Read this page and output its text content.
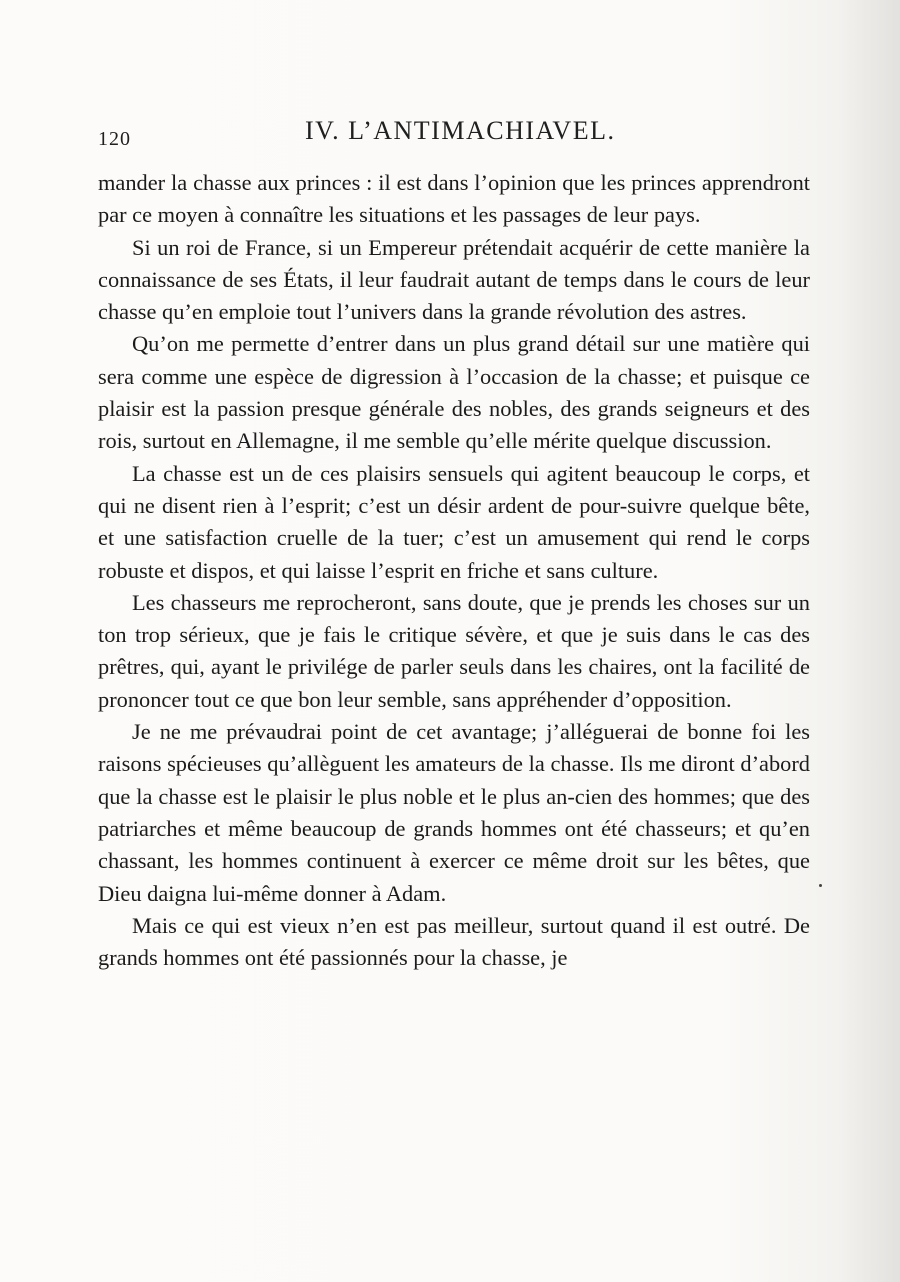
120	IV. L’ANTIMACHIAVEL.

mander la chasse aux princes : il est dans l’opinion que les princes apprendront par ce moyen à connaître les situations et les passages de leur pays.

Si un roi de France, si un Empereur prétendait acquérir de cette manière la connaissance de ses États, il leur faudrait autant de temps dans le cours de leur chasse qu’en emploie tout l’univers dans la grande révolution des astres.

Qu’on me permette d’entrer dans un plus grand détail sur une matière qui sera comme une espèce de digression à l’occasion de la chasse; et puisque ce plaisir est la passion presque générale des nobles, des grands seigneurs et des rois, surtout en Allemagne, il me semble qu’elle mérite quelque discussion.

La chasse est un de ces plaisirs sensuels qui agitent beaucoup le corps, et qui ne disent rien à l’esprit; c’est un désir ardent de pour-suivre quelque bête, et une satisfaction cruelle de la tuer; c’est un amusement qui rend le corps robuste et dispos, et qui laisse l’esprit en friche et sans culture.

Les chasseurs me reprocheront, sans doute, que je prends les choses sur un ton trop sérieux, que je fais le critique sévère, et que je suis dans le cas des prêtres, qui, ayant le privilége de parler seuls dans les chaires, ont la facilité de prononcer tout ce que bon leur semble, sans appréhender d’opposition.

Je ne me prévaudrai point de cet avantage; j’alléguerai de bonne foi les raisons spécieuses qu’allèguent les amateurs de la chasse. Ils me diront d’abord que la chasse est le plaisir le plus noble et le plus an-cien des hommes; que des patriarches et même beaucoup de grands hommes ont été chasseurs; et qu’en chassant, les hommes continuent à exercer ce même droit sur les bêtes, que Dieu daigna lui-même donner à Adam.

Mais ce qui est vieux n’en est pas meilleur, surtout quand il est outré. De grands hommes ont été passionnés pour la chasse, je
